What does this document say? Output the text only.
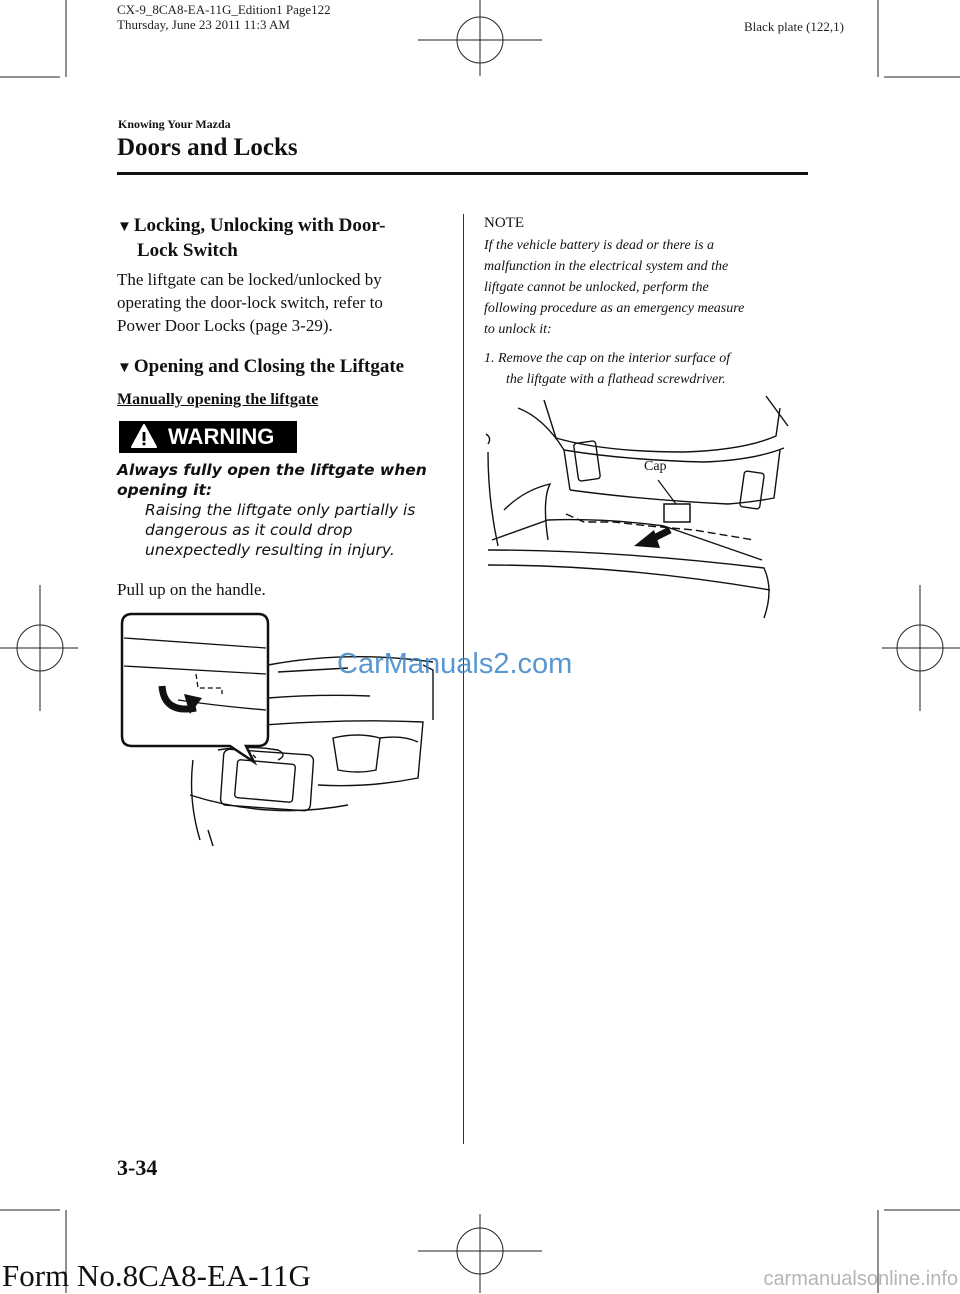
CX-9_8CA8-EA-11G_Edition1 Page122
Thursday, June 23 2011 11:3 AM	Black plate (122,1)
Knowing Your Mazda
Doors and Locks

▼ Locking, Unlocking with Door-

Lock Switch

The liftgate can be locked/unlocked by
operating the door-lock switch, refer to
Power Door Locks (page 3-29).

▼ Opening and Closing the Liftgate

Manually opening the liftgate
WARNING
Always fully open the liftgate when
opening it:
Raising the liftgate only partially is
dangerous as it could drop
unexpectedly resulting in injury.
Pull up on the handle.
CarManuals2.com
NOTE
If the vehicle battery is dead or there is a
malfunction in the electrical system and the
liftgate cannot be unlocked, perform the
following procedure as an emergency measure
to unlock it:
1. Remove the cap on the interior surface of
the liftgate with a flathead screwdriver.
Cap
3-34
Form No.8CA8-EA-11G	carmanualsonline.info
